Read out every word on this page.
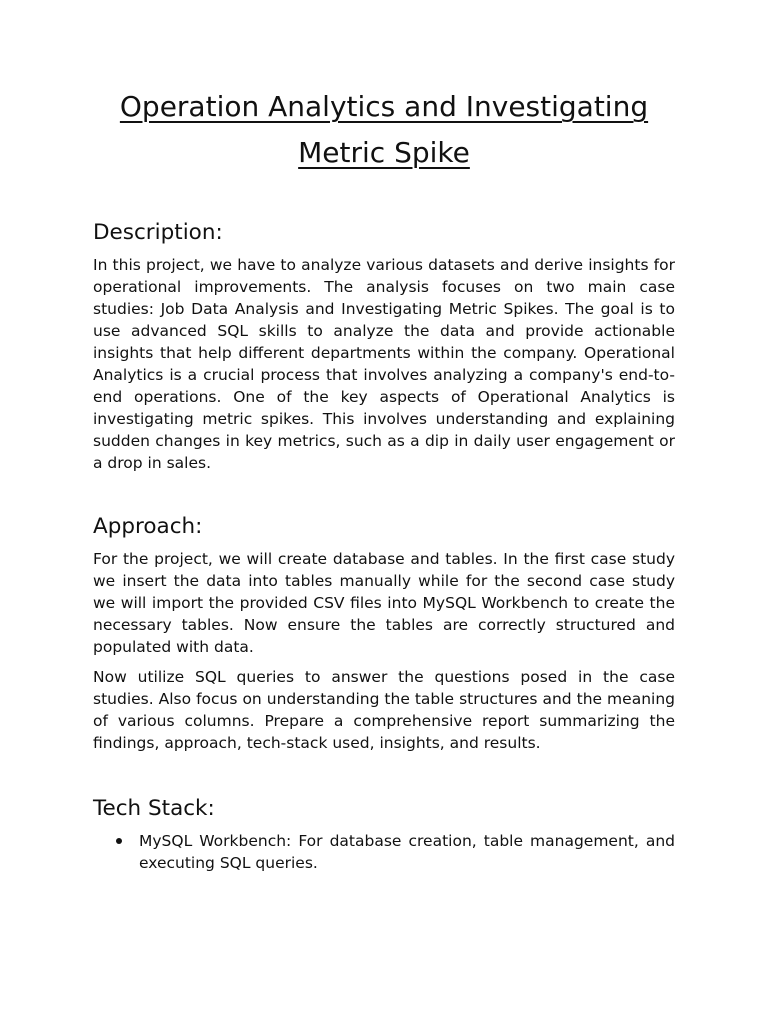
Operation Analytics and Investigating
Metric Spike
Description:

In this project, we have to analyze various datasets and derive insights for operational improvements. The analysis focuses on two main case studies: Job Data Analysis and Investigating Metric Spikes. The goal is to use advanced SQL skills to analyze the data and provide actionable insights that help different departments within the company. Operational Analytics is a crucial process that involves analyzing a company's end-to-end operations. One of the key aspects of Operational Analytics is investigating metric spikes. This involves understanding and explaining sudden changes in key metrics, such as a dip in daily user engagement or a drop in sales.

Approach:

For the project, we will create database and tables. In the first case study we insert the data into tables manually while for the second case study we will import the provided CSV files into MySQL Workbench to create the necessary tables. Now ensure the tables are correctly structured and populated with data.

Now utilize SQL queries to answer the questions posed in the case studies. Also focus on understanding the table structures and the meaning of various columns. Prepare a comprehensive report summarizing the findings, approach, tech-stack used, insights, and results.

Tech Stack:
MySQL Workbench: For database creation, table management, and executing SQL queries.
